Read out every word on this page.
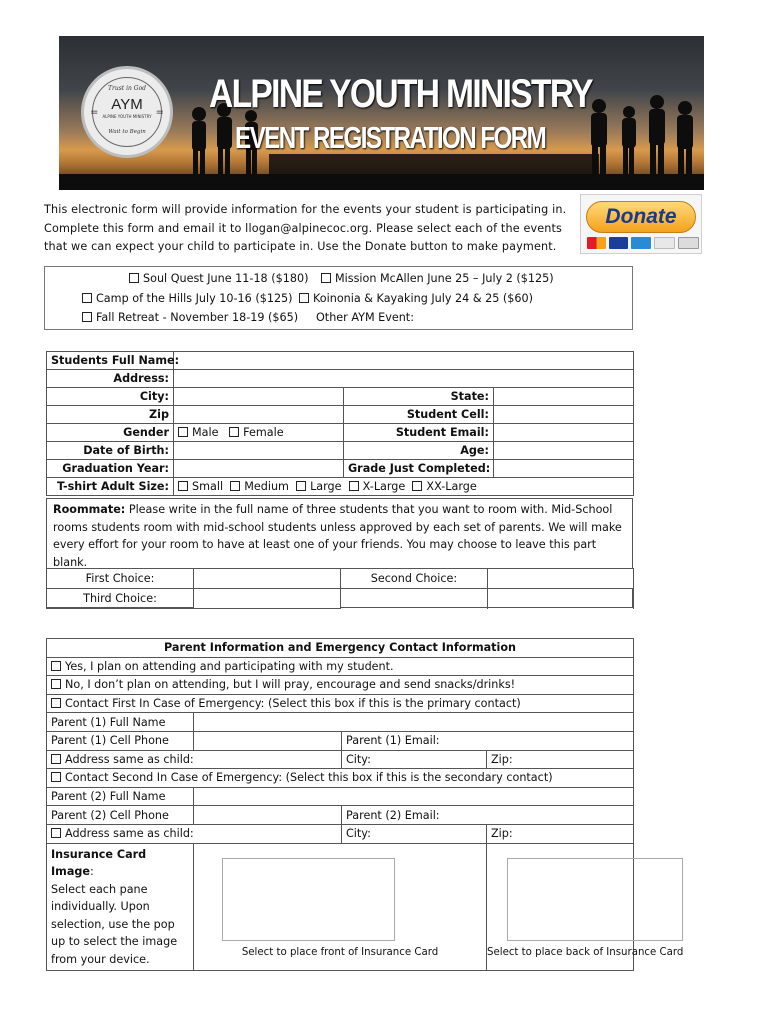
Trust in God
AYM
ALPINE YOUTH MINISTRY
Wait to Begin
=	= ALPINE YOUTH MINISTRY
EVENT REGISTRATION FORM
This electronic form will provide information for the events your student is participating in. Complete this form and email it to llogan@alpinecoc.org. Please select each of the events that we can expect your child to participate in. Use the Donate button to make payment.
Donate
Soul Quest June 11-18 ($180)	Mission McAllen June 25 – July 2 ($125)
Camp of the Hills July 10-16 ($125)	Koinonia & Kayaking July 24 & 25 ($60)
Fall Retreat - November 18-19 ($65) Other AYM Event:
Students Full Name:			
Address:			
City:		State:	
Zip		Student Cell:	
Gender	Male Female	Student Email:	
Date of Birth:		Age:	
Graduation Year:		Grade Just Completed:	
T-shirt Adult Size:	Small Medium Large X-Large XX-Large		
Roommate: Please write in the full name of three students that you want to room with. Mid-School rooms students room with mid-school students unless approved by each set of parents. We will make every effort for your room to have at least one of your friends. You may choose to leave this part blank.
First Choice:		Second Choice:	
Third Choice:			
Parent Information and Emergency Contact Information			
Yes, I plan on attending and participating with my student.			
No, I don’t plan on attending, but I will pray, encourage and send snacks/drinks!			
Contact First In Case of Emergency: (Select this box if this is the primary contact)			
Parent (1) Full Name			
Parent (1) Cell Phone		Parent (1) Email:	
Address same as child:		City:	Zip:
Contact Second In Case of Emergency: (Select this box if this is the secondary contact)			
Parent (2) Full Name			
Parent (2) Cell Phone		Parent (2) Email:	
Address same as child:		City:	Zip:
Insurance Card Image:
Select each pane individually. Upon selection, use the pop up to select the image from your device.	Select to place front of Insurance Card		Select to place back of Insurance Card
